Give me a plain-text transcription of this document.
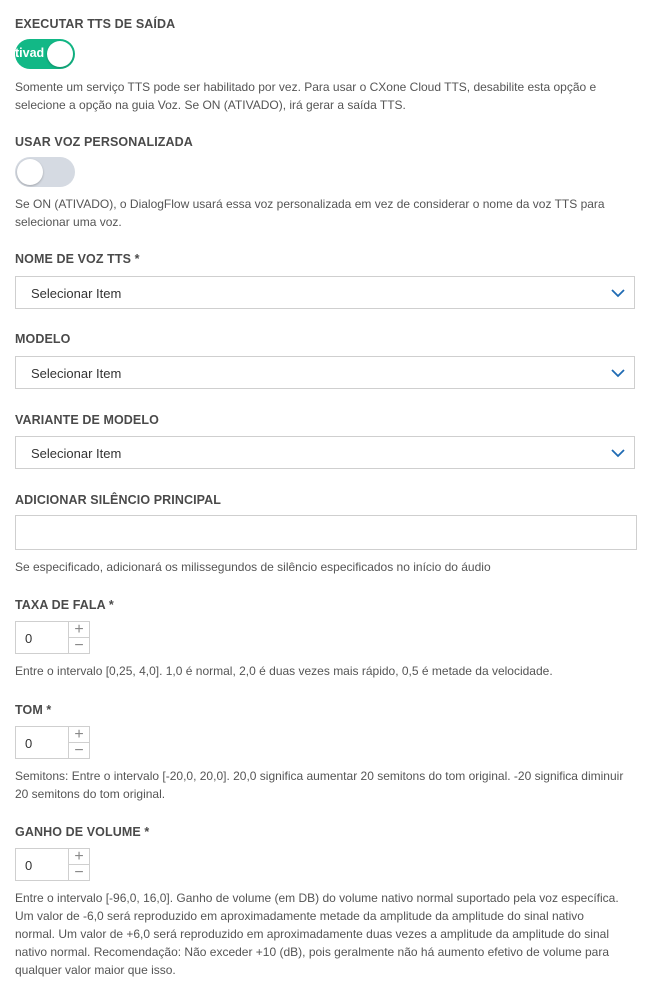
EXECUTAR TTS DE SAÍDA
tivad
Somente um serviço TTS pode ser habilitado por vez. Para usar o CXone Cloud TTS, desabilite esta opção e selecione a opção na guia Voz. Se ON (ATIVADO), irá gerar a saída TTS.
USAR VOZ PERSONALIZADA
Se ON (ATIVADO), o DialogFlow usará essa voz personalizada em vez de considerar o nome da voz TTS para selecionar uma voz.
NOME DE VOZ TTS *
Selecionar Item
MODELO
Selecionar Item
VARIANTE DE MODELO
Selecionar Item
ADICIONAR SILÊNCIO PRINCIPAL
Se especificado, adicionará os milissegundos de silêncio especificados no início do áudio
TAXA DE FALA *
0
+
−
Entre o intervalo [0,25, 4,0]. 1,0 é normal, 2,0 é duas vezes mais rápido, 0,5 é metade da velocidade.
TOM *
0
+
−
Semitons: Entre o intervalo [-20,0, 20,0]. 20,0 significa aumentar 20 semitons do tom original. -20 significa diminuir 20 semitons do tom original.
GANHO DE VOLUME *
0
+
−
Entre o intervalo [-96,0, 16,0]. Ganho de volume (em DB) do volume nativo normal suportado pela voz específica. Um valor de -6,0 será reproduzido em aproximadamente metade da amplitude da amplitude do sinal nativo normal. Um valor de +6,0 será reproduzido em aproximadamente duas vezes a amplitude da amplitude do sinal nativo normal. Recomendação: Não exceder +10 (dB), pois geralmente não há aumento efetivo de volume para qualquer valor maior que isso.
